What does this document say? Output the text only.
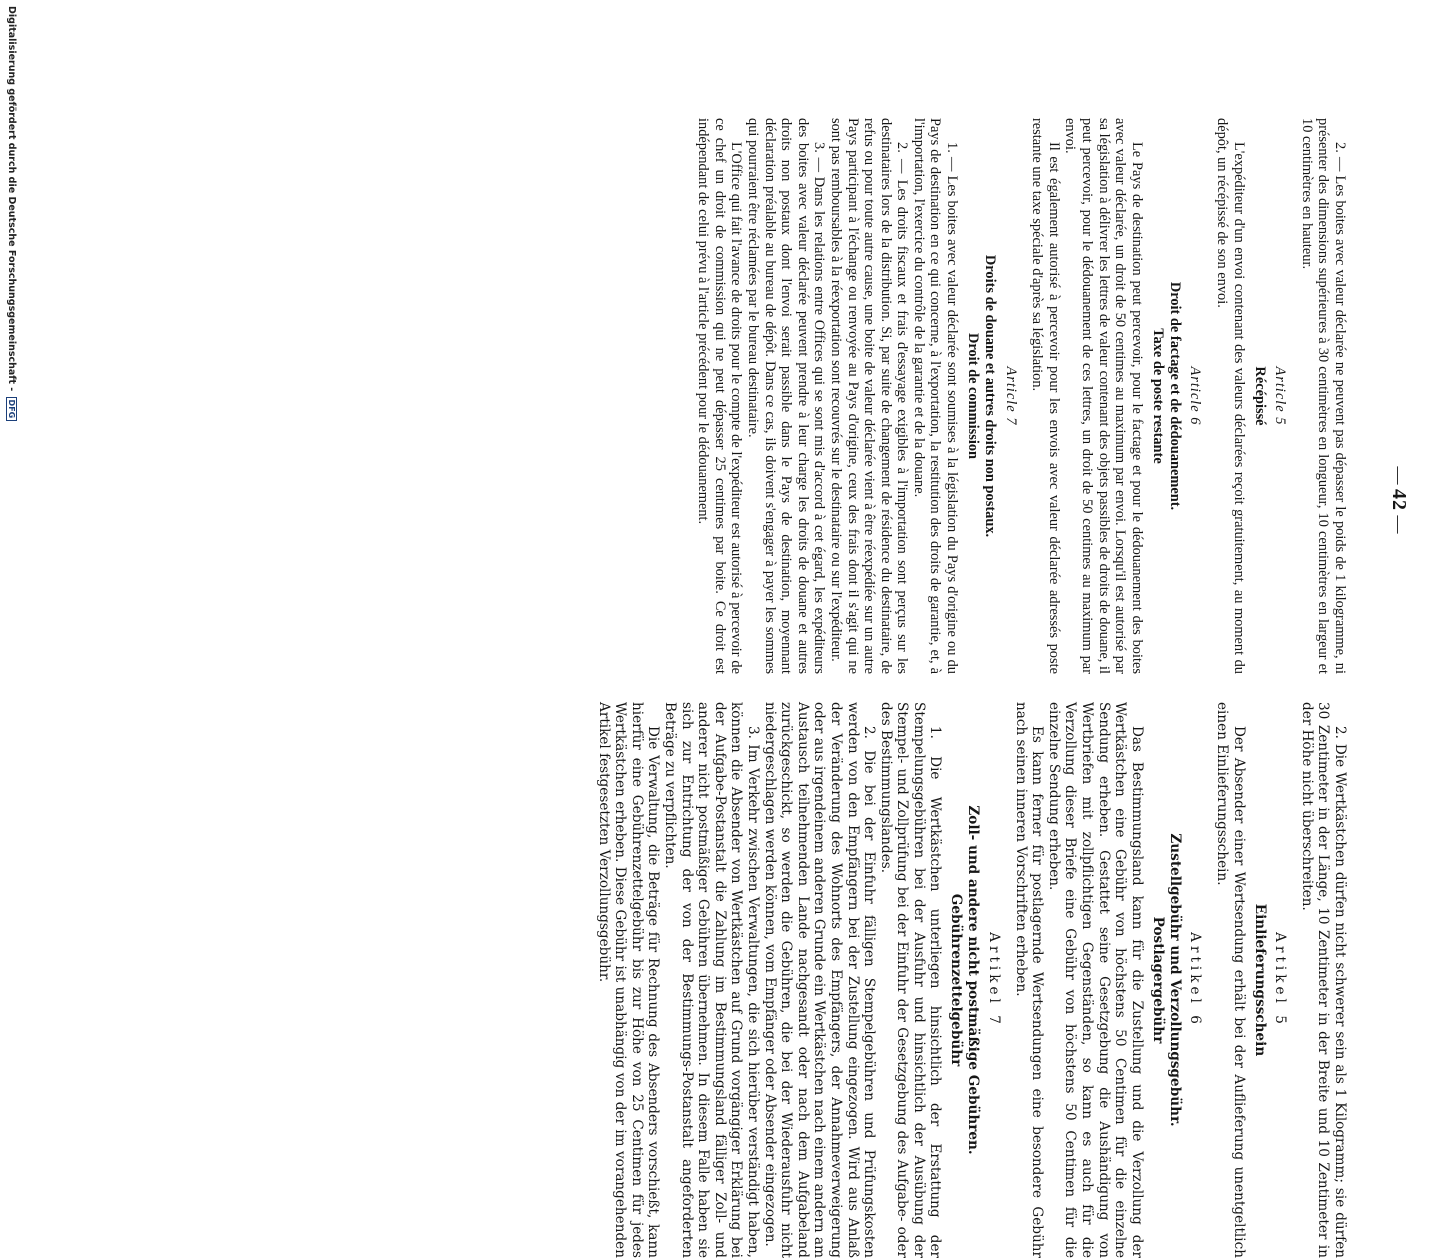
— 42 —

2. — Les boites avec valeur déclarée ne peuvent pas dépasser le poids de 1 kilogramme, ni présenter des dimensions supérieures à 30 centimètres en longueur, 10 centimètres en largeur et 10 centimètres en hauteur.

Article 5
Récépissé

L'expéditeur d'un envoi contenant des valeurs déclarées reçoit gratuitement, au moment du dépôt, un récépissé de son envoi.

Article 6
Droit de factage et de dédouanement.
Taxe de poste restante

Le Pays de destination peut percevoir, pour le factage et pour le dédouanement des boites avec valeur déclarée, un droit de 50 centimes au maximum par envoi. Lorsqu'il est autorisé par sa législation à délivrer les lettres de valeur contenant des objets passibles de droits de douane, il peut percevoir, pour le dédouanement de ces lettres, un droit de 50 centimes au maximum par envoi.

Il est également autorisé à percevoir pour les envois avec valeur déclarée adressés poste restante une taxe spéciale d'après sa législation.

Article 7
Droits de douane et autres droits non postaux.
Droit de commission

1. — Les boites avec valeur déclarée sont soumises à la législation du Pays d'origine ou du Pays de destination en ce qui concerne, à l'exportation, la restitution des droits de garantie, et, à l'importation, l'exercice du contrôle de la garantie et de la douane.

2. — Les droits fiscaux et frais d'essayage exigibles à l'importation sont perçus sur les destinataires lors de la distribution. Si, par suite de changement de résidence du destinataire, de refus ou pour toute autre cause, une boite de valeur déclarée vient à être réexpédiée sur un autre Pays participant à l'échange ou renvoyée au Pays d'origine, ceux des frais dont il s'agit qui ne sont pas remboursables à la réexportation sont recouvrés sur le destinataire ou sur l'expéditeur.

3. — Dans les relations entre Offices qui se sont mis d'accord à cet égard, les expéditeurs des boites avec valeur déclarée peuvent prendre à leur charge les droits de douane et autres droits non postaux dont l'envoi serait passible dans le Pays de destination, moyennant déclaration préalable au bureau de dépôt. Dans ce cas, ils doivent s'engager à payer les sommes qui pourraient être réclamées par le bureau destinataire.

L'Office qui fait l'avance de droits pour le compte de l'expéditeur est autorisé à percevoir de ce chef un droit de commission qui ne peut dépasser 25 centimes par boite. Ce droit est indépendant de celui prévu à l'article précédent pour le dédouanement.

2. Die Wertkästchen dürfen nicht schwerer sein als 1 Kilogramm; sie dürfen 30 Zentimeter in der Länge, 10 Zentimeter in der Breite und 10 Zentimeter in der Höhe nicht überschreiten.

Artikel 5
Einlieferungsschein

Der Absender einer Wertsendung erhält bei der Auflieferung unentgeltlich einen Einlieferungsschein.

Artikel 6
Zustellgebühr und Verzollungsgebühr.
Postlagergebühr

Das Bestimmungsland kann für die Zustellung und die Verzollung der Wertkästchen eine Gebühr von höchstens 50 Centimen für die einzelne Sendung erheben. Gestattet seine Gesetzgebung die Aushändigung von Wertbriefen mit zollpflichtigen Gegenständen, so kann es auch für die Verzollung dieser Briefe eine Gebühr von höchstens 50 Centimen für die einzelne Sendung erheben.

Es kann ferner für postlagernde Wertsendungen eine besondere Gebühr nach seinen inneren Vorschriften erheben.

Artikel 7
Zoll- und andere nicht postmäßige Gebühren.
Gebührenzettelgebühr

1. Die Wertkästchen unterliegen hinsichtlich der Erstattung der Stempelungsgebühren bei der Ausfuhr und hinsichtlich der Ausübung der Stempel- und Zollprüfung bei der Einfuhr der Gesetzgebung des Aufgabe- oder des Bestimmungslandes.

2. Die bei der Einfuhr fälligen Stempelgebühren und Prüfungskosten werden von den Empfängern bei der Zustellung eingezogen. Wird aus Anlaß der Veränderung des Wohnorts des Empfängers, der Annahmeverweigerung oder aus irgendeinem anderen Grunde ein Wertkästchen nach einem andern am Austausch teilnehmenden Lande nachgesandt oder nach dem Aufgabeland zurückgeschickt, so werden die Gebühren, die bei der Wiederausfuhr nicht niedergeschlagen werden können, vom Empfänger oder Absender eingezogen.

3. Im Verkehr zwischen Verwaltungen, die sich hierüber verständigt haben, können die Absender von Wertkästchen auf Grund vorgängiger Erklärung bei der Aufgabe-Postanstalt die Zahlung im Bestimmungsland fälliger Zoll- und anderer nicht postmäßiger Gebühren übernehmen. In diesem Falle haben sie sich zur Entrichtung der von der Bestimmungs-Postanstalt angeforderten Beträge zu verpflichten.

Die Verwaltung, die Beträge für Rechnung des Absenders vorschießt, kann hierfür eine Gebührenzettelgebühr bis zur Höhe von 25 Centimen für jedes Wertkästchen erheben. Diese Gebühr ist unabhängig von der im vorangehenden Artikel festgesetzten Verzollungsgebühr.

Digitalisierung gefördert durch die Deutsche Forschungsgemeinschaft - DFG
